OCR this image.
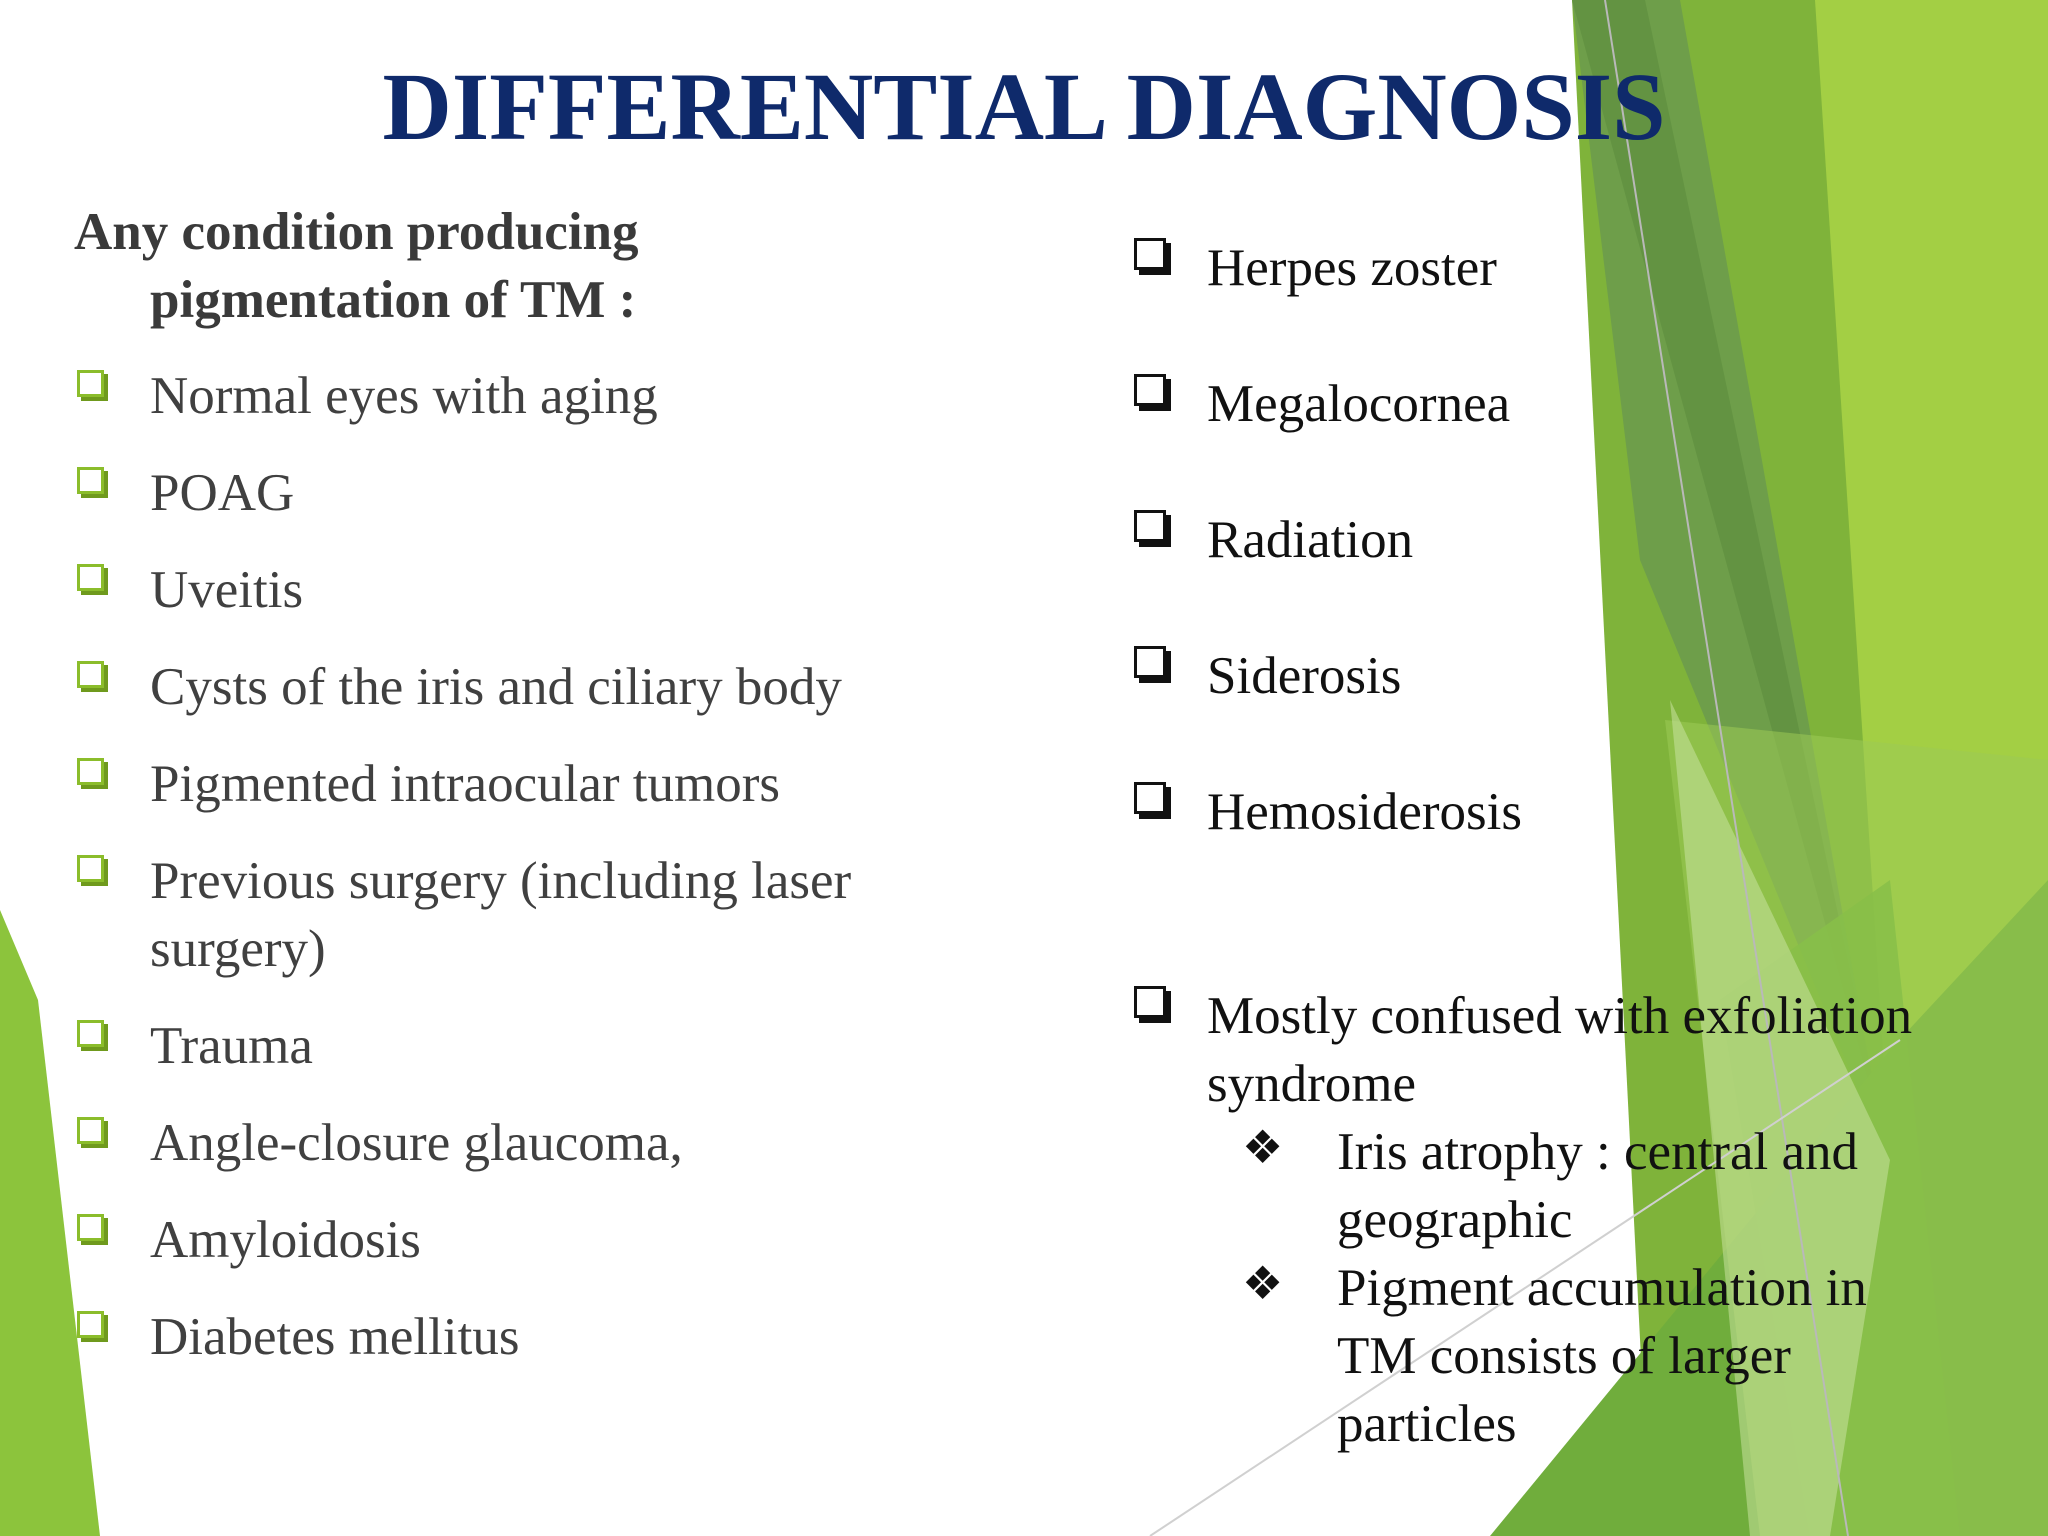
DIFFERENTIAL DIAGNOSIS
Any condition producing
pigmentation of TM :
Normal eyes with aging
POAG
Uveitis
Cysts of the iris and ciliary body
Pigmented intraocular tumors
Previous surgery (including laser surgery)
Trauma
Angle-closure glaucoma,
Amyloidosis
Diabetes mellitus
Herpes zoster
Megalocornea
Radiation
Siderosis
Hemosiderosis
Mostly confused with exfoliation syndrome
❖	Iris atrophy : central and geographic
❖	Pigment accumulation in TM consists of larger particles
